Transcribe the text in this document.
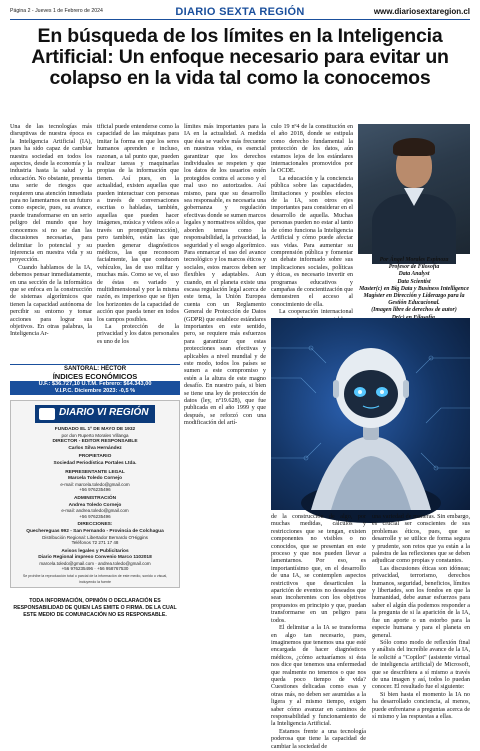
Página 2 - Jueves 1 de Febrero de 2024	DIARIO SEXTA REGIÓN	www.diariosextaregion.cl
En búsqueda de los límites en la Inteligencia Artificial: Un enfoque necesario para evitar un colapso en la vida tal como la conocemos

Una de las tecnologías más disruptivas de nuestra época es la Inteligencia Artificial (IA), pues ha sido capaz de cambiar nuestra sociedad en todos los aspectos, desde la economía y la industria hasta la salud y la educación. No obstante, presenta una serie de riesgos que requieren una atención inmediata para no lamentarnos en un futuro como especie, pues, su avance, puede transformarse en un serio peligro del mundo que hoy conocemos si no se dan las discusiones necesarias, para delimitar lo potencial y su injerencia en nuestra vida y su proyección.

Cuando hablamos de la IA, debemos pensar inmediatamente, en una sección de la informática que se enfoca en la construcción de sistemas algorítmicos que tienen la capacidad autónoma de percibir su entorno y tomar acciones para lograr sus objetivos. En otras palabras, la Inteligencia Ar-

tificial puede entenderse como la capacidad de las máquinas para imitar la forma en que los seres humanos aprenden e incluso, razonan, a tal punto que, pueden realizar tareas y maquinarlas propias de la información que tienen. Así pues, en la actualidad, existen aquellas que pueden interactuar con personas a través de conversaciones escritas o habladas, también, aquellas que pueden hacer imágenes, música y videos sólo a través un prompt(instrucción), pero también, están las que pueden generar diagnósticos médicos, las que reconocen facialmente, las que conducen vehículos, las de uso militar y muchas más. Como se ve, el uso de éstas es variado y multidimensional y por la misma razón, es imperioso que se fijen los horizontes de la capacidad de acción que pueda tener en todos los campos posibles.

La protección de la privacidad y los datos personales es uno de los

límites más importantes para la IA en la actualidad. A medida que ésta se vuelve más frecuente en nuestras vidas, es esencial garantizar que los derechos individuales se respeten y que los datos de los usuarios estén protegidos contra el acceso y el mal uso no autorizados. Así mismo, para que su desarrollo sea responsable, es necesaria una gobernanza y regulación efectivas donde se sumen marcos legales y normativos sólidos, que aborden temas como la responsabilidad, la privacidad, la seguridad y el sesgo algorítmico. Para enmarcar el uso del avance tecnológico y los marcos éticos y sociales, estos marcos deben ser flexibles y adaptables. Aun cuando, en el planeta existe una escasa regulación legal acerca de este tema, la Unión Europea cuenta con un Reglamento General de Protección de Datos (GDPR) que establece estándares importantes en este sentido, pero, se requiere más esfuerzos para garantizar que estas protecciones sean efectivas y aplicables a nivel mundial y de este modo, todos los países se sumen a este compromiso y estén a la altura de este magno desafío. En nuestro país, si bien se tiene una ley de protección de datos (ley, nº19.628), que fue publicada en el año 1999 y que después, se reforzó con una modificación del artí-

culo 19 nº4 de la constitución en el año 2018, donde se estipula como derecho fundamental la protección de los datos, aún estamos lejos de los estándares internacionales promovidos por la OCDE.

La educación y la conciencia pública sobre las capacidades, limitaciones y posibles efectos de la IA, son otros ejes importantes para considerar en el desarrollo de aquella. Muchas personas pueden no estar al tanto de cómo funciona la Inteligencia Artificial y cómo puede afectar sus vidas. Para aumentar su comprensión pública y fomentar un debate informado sobre sus implicaciones sociales, políticas y éticas, es necesario invertir en programas educativos y campañas de concientización que demuestren el acceso al conocimiento de ella.

La cooperación internacional

Por Ángel Morales Espinoza
Profesor de Filosofía
Data Analyst
Data Scientist
Master(c) en Big Data y Business Intelligence
Magíster en Dirección y Liderazgo para la Gestión Educacional.
(Imagen libre de derechos de autor)

de la construcción de algo, por muchas medidas, cálculos y restricciones que se tengan, existen componentes no visibles o no conocidos, que se presentan en este proceso y que nos pueden llevar a lamentarnos. Por eso, es importantísimo que, en el desarrollo de una IA, se contemplen aspectos restrictivos que desarticulen la aparición de eventos no deseados que sean incoherentes con los objetivos propuestos en principio y que, puedan transformarse en un peligro para todos.

El delimitar a la IA se transforma en algo tan necesario, pues, imaginemos que tenemos una que esté encargada de hacer diagnósticos médicos, ¿cómo actuaríamos si ésta nos dice que tenemos una enfermedad que realmente no tenemos o que nos queda poco tiempo de vida? Cuestiones delicadas como esas y otras más, no deben ser asumidas a la ligera y al mismo tiempo, exigen saber cómo avanzar en caminos de responsabilidad y funcionamiento de la Inteligencia Artificial.

Estamos frente a una tecnología poderosa que tiene la capacidad de cambiar la sociedad de

una variedad de maneras. Sin embargo, es crucial ser conscientes de sus problemas éticos, pues, que se desarrolle y se utilice de forma segura y prudente, son retos que ya están a la palestra de las reflexiones que se deben adjudicar como propias y constantes.

Las discusiones éticas son idóneas; privacidad, terrorismo, derechos humanos, seguridad, beneficios, límites y libertades, son los fondos en que la humanidad, debe aunar esfuerzos para saber el algún día podemos responder a la pregunta de si la aparición de la IA, fue un aporte o un estorbo para la especie humana y para el planeta en general.

Sólo como modo de reflexión final y análisis del increíble avance de la IA, le solicité a "Copilot" (asistente virtual de inteligencia artificial) de Microsoft, que se describiera a sí mismo a través de una imagen y así, todos lo puedan conocer. El resultado fue el siguiente:

Si bien hasta el momento la IA no ha desarrollado conciencia, al menos, puede enfrentarse a preguntas acerca de sí mismo y las respuestas a ellas.

SANTORAL: HÉCTOR
ÍNDICES ECONÓMICOS
U.F.: $36.727,10 U.T.M. Febrero: $64.343,00
V.I.P.C. Diciembre 2023: -0,5 %
DIARIO VI REGIÓN
FUNDADO EL 1º DE MAYO DE 1932
por don Ruperto Morales Villanga
DIRECTOR - EDITOR RESPONSABLE
Carlos Silva Hernández
PROPIETARIO
Sociedad Periodística Portales Ltda.
REPRESENTANTE LEGAL
Marcela Toledo Cornejo
e-mail: marcela.toledo@gmail.com
+56 976235496
ADMINISTRACIÓN
Andrea Toledo Cornejo
e-mail: andrea.toledo@gmail.com
+56 976235496
DIRECCIONES:
Quechereguas 992 - San Fernando - Provincia de Colchagua
Distribución Regional: Libertador Bernardo O'Higgins
Teléfonos 72 271 17 48
Avisos legales y Publicitarios
Diario Regional impreso Convenio Marco 1102018
marcela.toledo@gmail.com · andrea.toledo@gmail.com
+56 976235496 · +56 958767530
Se prohíbe la reproducción total o parcial de la información de este medio, sonido o visual, incluyendo la fuente
TODA INFORMACIÓN, OPINIÓN O DECLARACIÓN ES RESPONSABILIDAD DE QUIEN LAS EMITE O FIRMA. DE LA CUAL ESTE MEDIO DE COMUNICACIÓN NO ES RESPONSABLE.
